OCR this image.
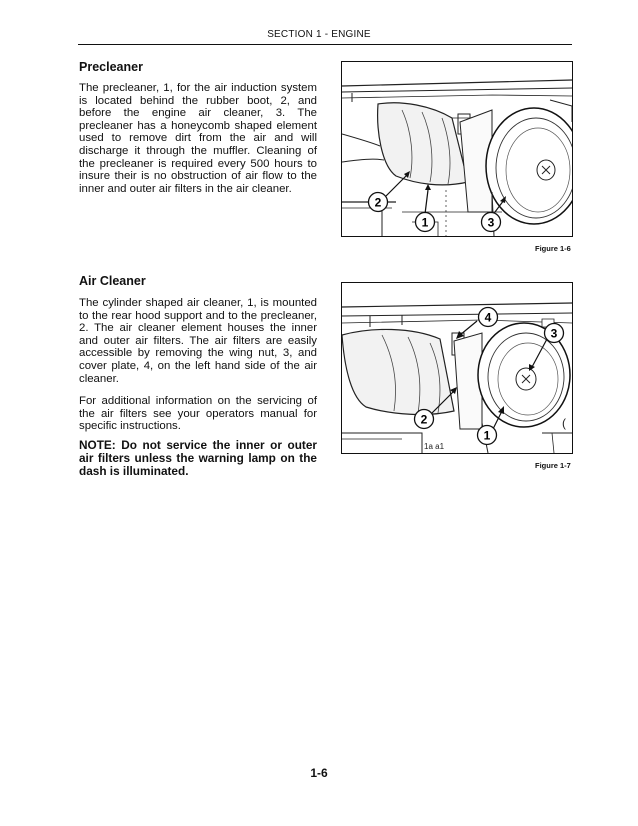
SECTION 1 - ENGINE
Precleaner
The precleaner, 1, for the air induction system is located behind the rubber boot, 2, and before the engine air cleaner, 3. The precleaner has a honeycomb shaped element used to remove dirt from the air and will discharge it through the muffler. Cleaning of the precleaner is required every 500 hours to insure their is no obstruction of air flow to the inner and outer air filters in the air cleaner.
2
1	3
Figure 1-6
Air Cleaner
The cylinder shaped air cleaner, 1, is mounted to the rear hood support and to the precleaner, 2. The air cleaner element houses the inner and outer air filters. The air filters are easily accessible by removing the wing nut, 3, and cover plate, 4, on the left hand side of the air cleaner.
For additional information on the servicing of the air filters see your operators manual for specific instructions.
NOTE: Do not service the inner or outer air filters unless the warning lamp on the dash is illuminated.
1a a1
(
4
3
2
1
Figure 1-7
1-6
